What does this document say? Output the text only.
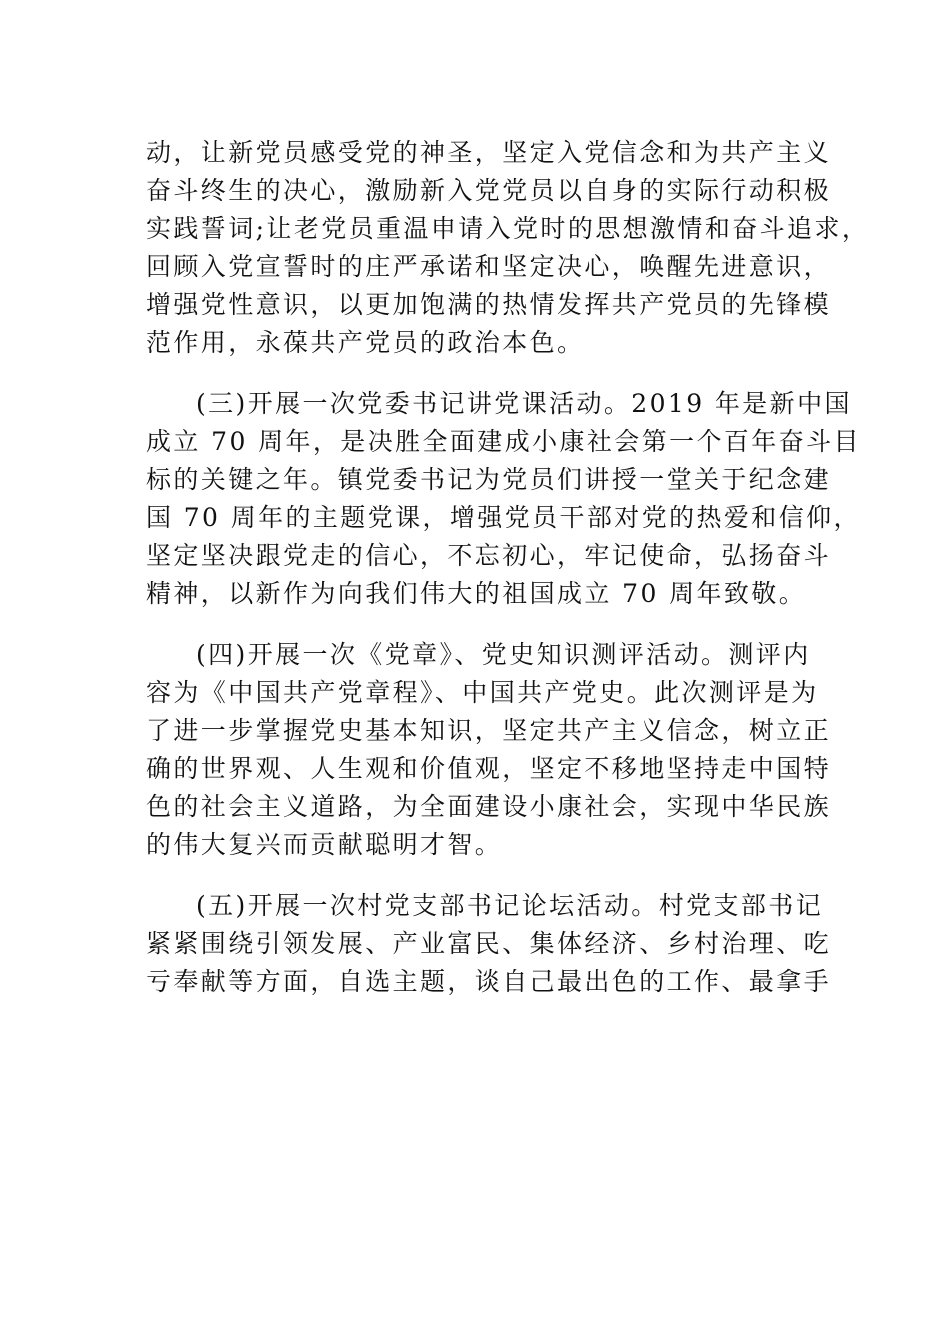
动，让新党员感受党的神圣，坚定入党信念和为共产主义
奋斗终生的决心，激励新入党党员以自身的实际行动积极
实践誓词;让老党员重温申请入党时的思想激情和奋斗追求，
回顾入党宣誓时的庄严承诺和坚定决心，唤醒先进意识，
增强党性意识，以更加饱满的热情发挥共产党员的先锋模
范作用，永葆共产党员的政治本色。
(三)开展一次党委书记讲党课活动。2019 年是新中国
成立 70 周年，是决胜全面建成小康社会第一个百年奋斗目
标的关键之年。镇党委书记为党员们讲授一堂关于纪念建
国 70 周年的主题党课，增强党员干部对党的热爱和信仰，
坚定坚决跟党走的信心，不忘初心，牢记使命，弘扬奋斗
精神，以新作为向我们伟大的祖国成立 70 周年致敬。
(四)开展一次《党章》、党史知识测评活动。测评内
容为《中国共产党章程》、中国共产党史。此次测评是为
了进一步掌握党史基本知识，坚定共产主义信念，树立正
确的世界观、人生观和价值观，坚定不移地坚持走中国特
色的社会主义道路，为全面建设小康社会，实现中华民族
的伟大复兴而贡献聪明才智。
(五)开展一次村党支部书记论坛活动。村党支部书记
紧紧围绕引领发展、产业富民、集体经济、乡村治理、吃
亏奉献等方面，自选主题，谈自己最出色的工作、最拿手
